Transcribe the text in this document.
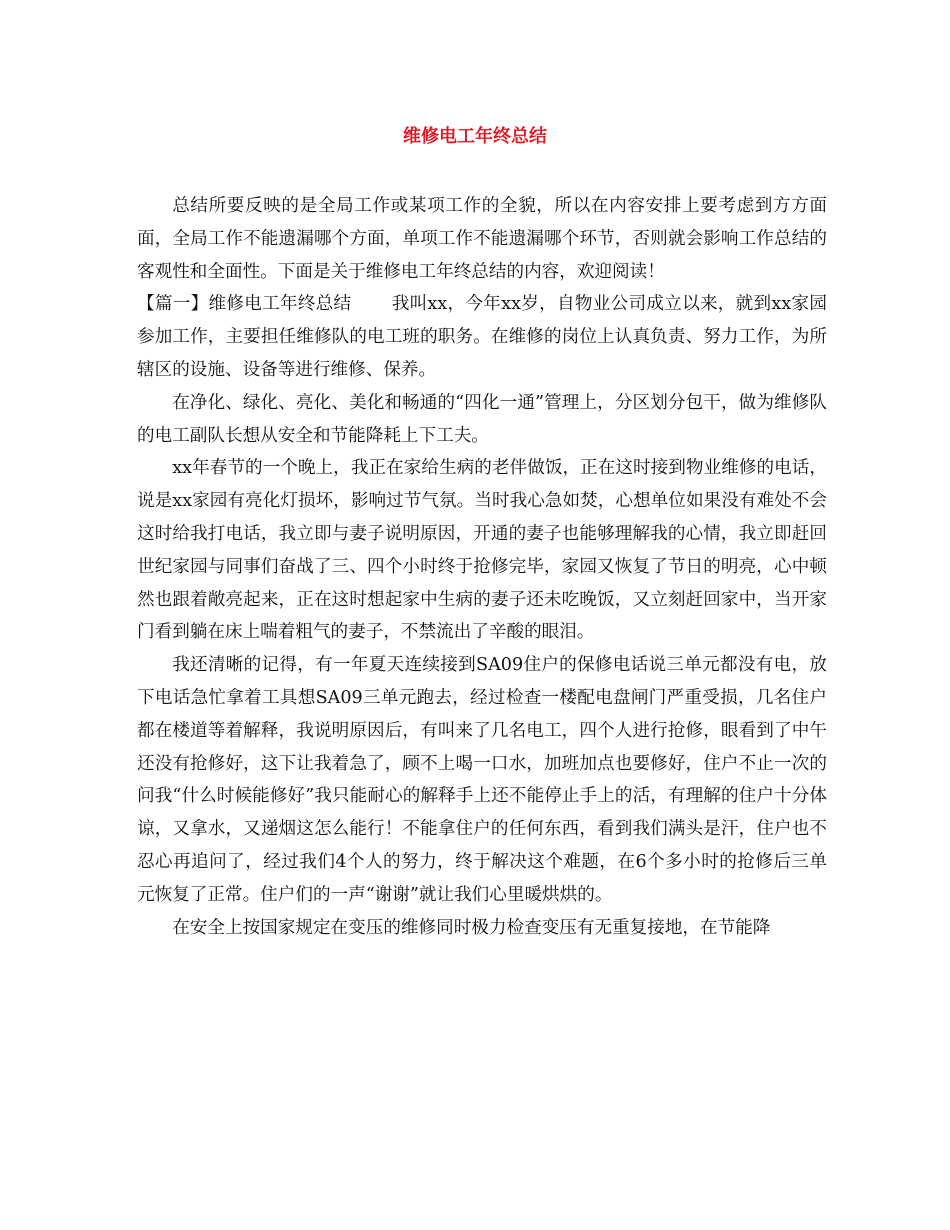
维修电工年终总结

总结所要反映的是全局工作或某项工作的全貌，所以在内容安排上要考虑到方方面面，全局工作不能遗漏哪个方面，单项工作不能遗漏哪个环节，否则就会影响工作总结的客观性和全面性。下面是关于维修电工年终总结的内容，欢迎阅读！

【篇一】维修电工年终总结 我叫xx，今年xx岁，自物业公司成立以来，就到xx家园参加工作，主要担任维修队的电工班的职务。在维修的岗位上认真负责、努力工作，为所辖区的设施、设备等进行维修、保养。

在净化、绿化、亮化、美化和畅通的“四化一通”管理上，分区划分包干，做为维修队的电工副队长想从安全和节能降耗上下工夫。

xx年春节的一个晚上，我正在家给生病的老伴做饭，正在这时接到物业维修的电话，说是xx家园有亮化灯损坏，影响过节气氛。当时我心急如焚，心想单位如果没有难处不会这时给我打电话，我立即与妻子说明原因，开通的妻子也能够理解我的心情，我立即赶回世纪家园与同事们奋战了三、四个小时终于抢修完毕，家园又恢复了节日的明亮，心中顿然也跟着敞亮起来，正在这时想起家中生病的妻子还未吃晚饭，又立刻赶回家中，当开家门看到躺在床上喘着粗气的妻子，不禁流出了辛酸的眼泪。

我还清晰的记得，有一年夏天连续接到SA09住户的保修电话说三单元都没有电，放下电话急忙拿着工具想SA09三单元跑去，经过检查一楼配电盘闸门严重受损，几名住户都在楼道等着解释，我说明原因后，有叫来了几名电工，四个人进行抢修，眼看到了中午还没有抢修好，这下让我着急了，顾不上喝一口水，加班加点也要修好，住户不止一次的问我“什么时候能修好”我只能耐心的解释手上还不能停止手上的活，有理解的住户十分体谅，又拿水，又递烟这怎么能行！不能拿住户的任何东西，看到我们满头是汗，住户也不忍心再追问了，经过我们4个人的努力，终于解决这个难题，在6个多小时的抢修后三单元恢复了正常。住户们的一声“谢谢”就让我们心里暖烘烘的。

在安全上按国家规定在变压的维修同时极力检查变压有无重复接地，在节能降
